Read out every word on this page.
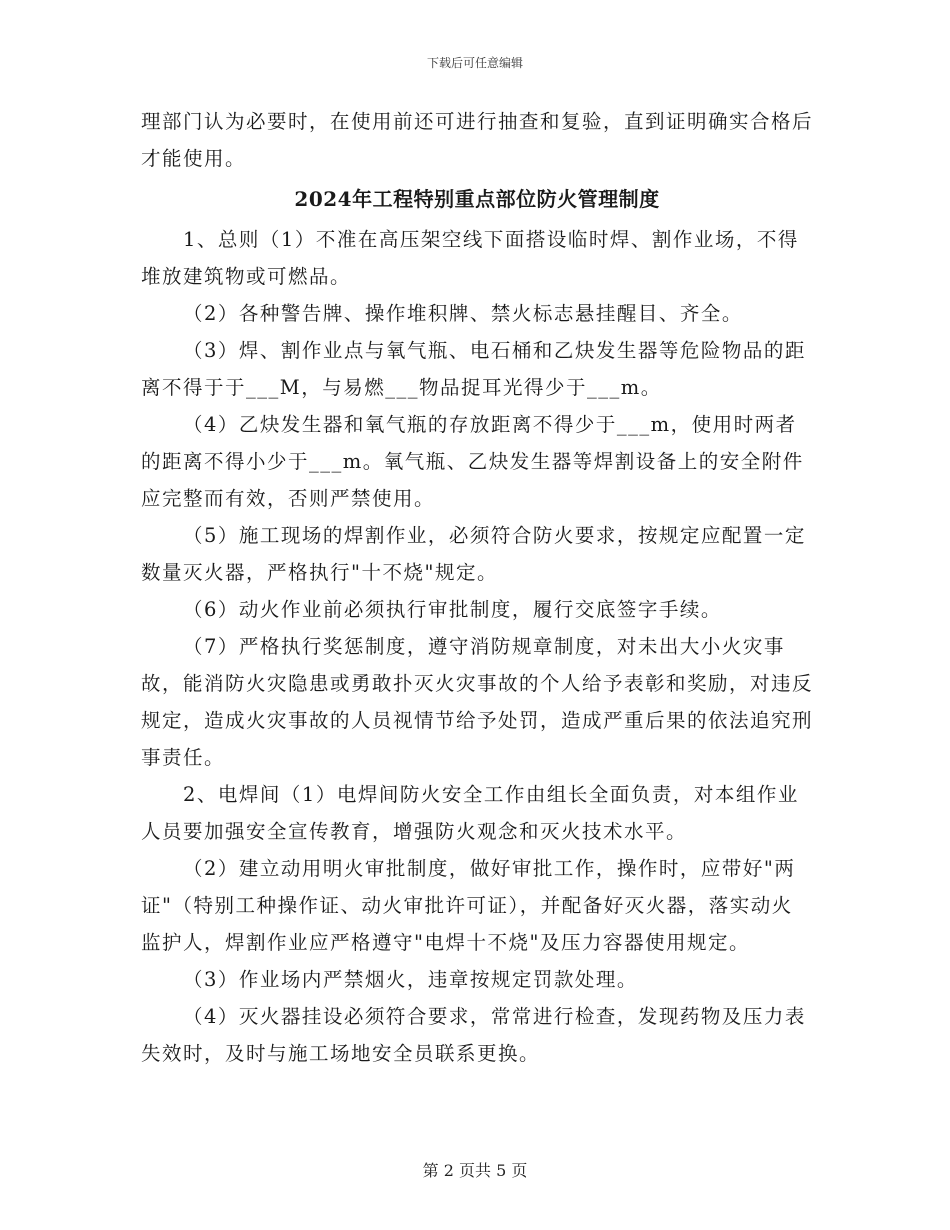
下载后可任意编辑

理部门认为必要时，在使用前还可进行抽查和复验，直到证明确实合格后才能使用。

2024年工程特别重点部位防火管理制度

1、总则（1）不准在高压架空线下面搭设临时焊、割作业场，不得堆放建筑物或可燃品。

（2）各种警告牌、操作堆积牌、禁火标志悬挂醒目、齐全。

（3）焊、割作业点与氧气瓶、电石桶和乙炔发生器等危险物品的距离不得于于___M，与易燃___物品捉耳光得少于___m。

（4）乙炔发生器和氧气瓶的存放距离不得少于___m，使用时两者的距离不得小少于___m。氧气瓶、乙炔发生器等焊割设备上的安全附件应完整而有效，否则严禁使用。

（5）施工现场的焊割作业，必须符合防火要求，按规定应配置一定数量灭火器，严格执行"十不烧"规定。

（6）动火作业前必须执行审批制度，履行交底签字手续。

（7）严格执行奖惩制度，遵守消防规章制度，对未出大小火灾事故，能消防火灾隐患或勇敢扑灭火灾事故的个人给予表彰和奖励，对违反规定，造成火灾事故的人员视情节给予处罚，造成严重后果的依法追究刑事责任。

2、电焊间（1）电焊间防火安全工作由组长全面负责，对本组作业人员要加强安全宣传教育，增强防火观念和灭火技术水平。

（2）建立动用明火审批制度，做好审批工作，操作时，应带好"两证"（特别工种操作证、动火审批许可证），并配备好灭火器，落实动火监护人，焊割作业应严格遵守"电焊十不烧"及压力容器使用规定。

（3）作业场内严禁烟火，违章按规定罚款处理。

（4）灭火器挂设必须符合要求，常常进行检查，发现药物及压力表失效时，及时与施工场地安全员联系更换。

第 2 页共 5 页
